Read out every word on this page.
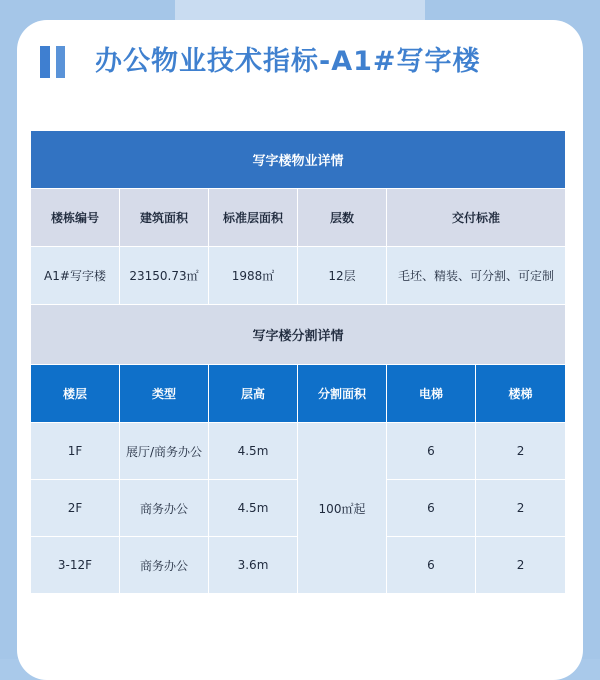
办公物业技术指标-A1#写字楼
写字楼物业详情					
楼栋编号	建筑面积	标准层面积	层数	交付标准	
A1#写字楼	23150.73㎡	1988㎡	12层	毛坯、精装、可分割、可定制	
写字楼分割详情					
楼层	类型	层高	分割面积	电梯	楼梯
1F	展厅/商务办公	4.5m	100㎡起	6	2
2F	商务办公	4.5m		6	2
3-12F	商务办公	3.6m		6	2
